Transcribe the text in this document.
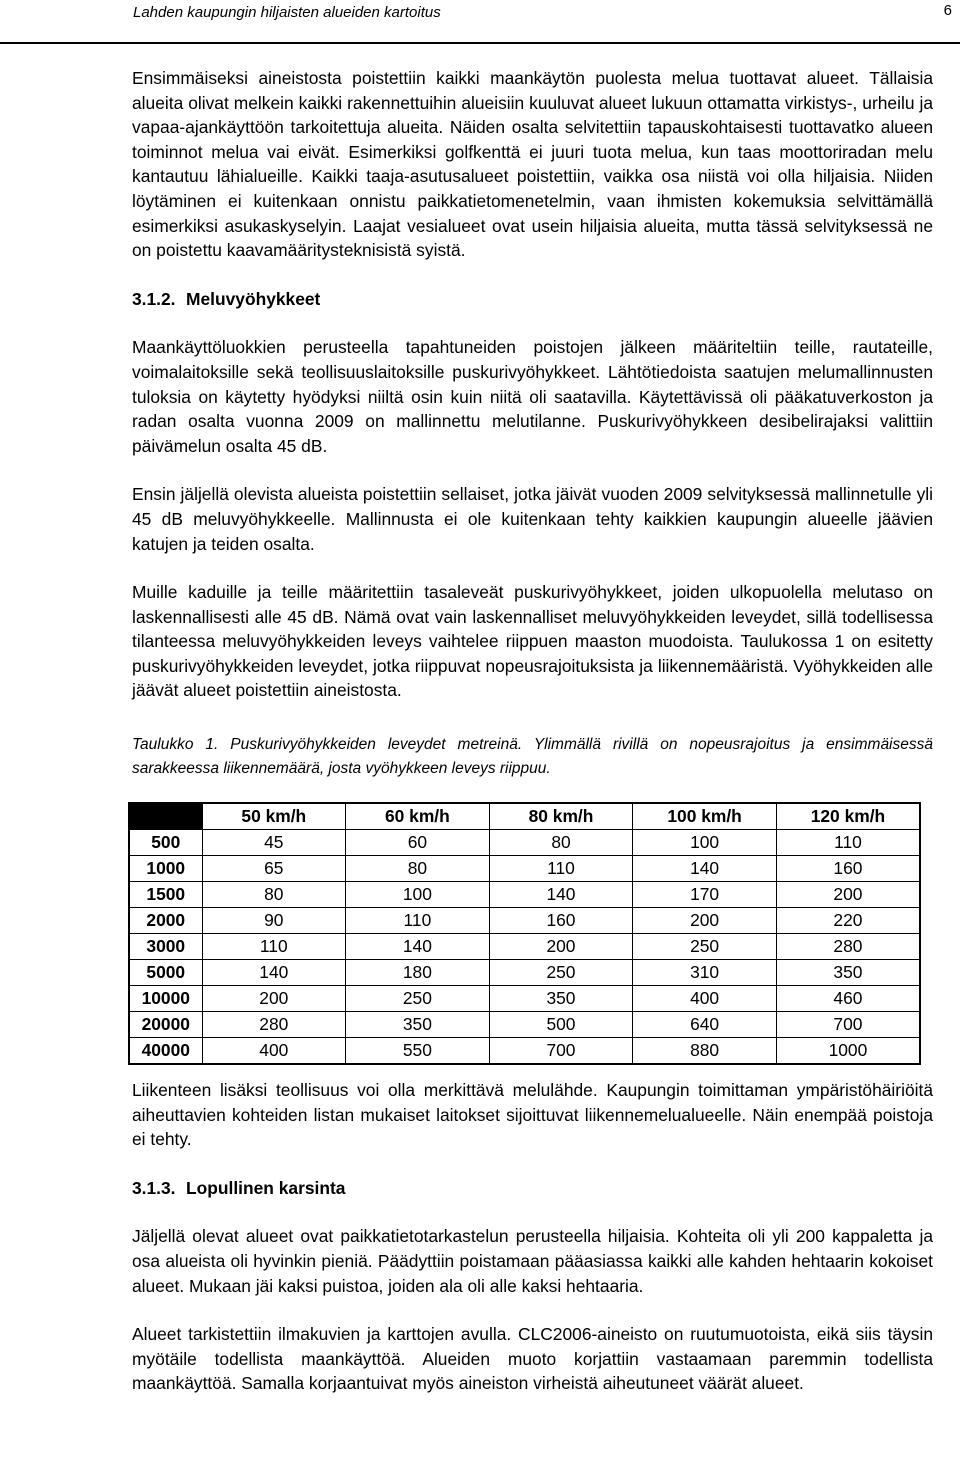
Lahden kaupungin hiljaisten alueiden kartoitus	6

Ensimmäiseksi aineistosta poistettiin kaikki maankäytön puolesta melua tuottavat alueet. Tällaisia alueita olivat melkein kaikki rakennettuihin alueisiin kuuluvat alueet lukuun ottamatta virkistys-, urheilu ja vapaa-ajankäyttöön tarkoitettuja alueita. Näiden osalta selvitettiin tapauskohtaisesti tuottavatko alueen toiminnot melua vai eivät. Esimerkiksi golfkenttä ei juuri tuota melua, kun taas moottoriradan melu kantautuu lähialueille. Kaikki taaja-asutusalueet poistettiin, vaikka osa niistä voi olla hiljaisia. Niiden löytäminen ei kuitenkaan onnistu paikkatietomenetelmin, vaan ihmisten kokemuksia selvittämällä esimerkiksi asukaskyselyin. Laajat vesialueet ovat usein hiljaisia alueita, mutta tässä selvityksessä ne on poistettu kaavamääritysteknisistä syistä.

3.1.2. Meluvyöhykkeet

Maankäyttöluokkien perusteella tapahtuneiden poistojen jälkeen määriteltiin teille, rautateille, voimalaitoksille sekä teollisuuslaitoksille puskurivyöhykkeet. Lähtötiedoista saatujen melumallinnusten tuloksia on käytetty hyödyksi niiltä osin kuin niitä oli saatavilla. Käytettävissä oli pääkatuverkoston ja radan osalta vuonna 2009 on mallinnettu melutilanne. Puskurivyöhykkeen desibelirajaksi valittiin päivämelun osalta 45 dB.

Ensin jäljellä olevista alueista poistettiin sellaiset, jotka jäivät vuoden 2009 selvityksessä mallinnetulle yli 45 dB meluvyöhykkeelle. Mallinnusta ei ole kuitenkaan tehty kaikkien kaupungin alueelle jäävien katujen ja teiden osalta.

Muille kaduille ja teille määritettiin tasaleveät puskurivyöhykkeet, joiden ulkopuolella melutaso on laskennallisesti alle 45 dB. Nämä ovat vain laskennalliset meluvyöhykkeiden leveydet, sillä todellisessa tilanteessa meluvyöhykkeiden leveys vaihtelee riippuen maaston muodoista. Taulukossa 1 on esitetty puskurivyöhykkeiden leveydet, jotka riippuvat nopeusrajoituksista ja liikennemääristä. Vyöhykkeiden alle jäävät alueet poistettiin aineistosta.

Taulukko 1. Puskurivyöhykkeiden leveydet metreinä. Ylimmällä rivillä on nopeusrajoitus ja ensimmäisessä sarakkeessa liikennemäärä, josta vyöhykkeen leveys riippuu.

	50 km/h	60 km/h	80 km/h	100 km/h	120 km/h
500	45	60	80	100	110
1000	65	80	110	140	160
1500	80	100	140	170	200
2000	90	110	160	200	220
3000	110	140	200	250	280
5000	140	180	250	310	350
10000	200	250	350	400	460
20000	280	350	500	640	700
40000	400	550	700	880	1000

Liikenteen lisäksi teollisuus voi olla merkittävä melulähde. Kaupungin toimittaman ympäristöhäiriöitä aiheuttavien kohteiden listan mukaiset laitokset sijoittuvat liikennemelualueelle. Näin enempää poistoja ei tehty.

3.1.3. Lopullinen karsinta

Jäljellä olevat alueet ovat paikkatietotarkastelun perusteella hiljaisia. Kohteita oli yli 200 kappaletta ja osa alueista oli hyvinkin pieniä. Päädyttiin poistamaan pääasiassa kaikki alle kahden hehtaarin kokoiset alueet. Mukaan jäi kaksi puistoa, joiden ala oli alle kaksi hehtaaria.

Alueet tarkistettiin ilmakuvien ja karttojen avulla. CLC2006-aineisto on ruutumuotoista, eikä siis täysin myötäile todellista maankäyttöä. Alueiden muoto korjattiin vastaamaan paremmin todellista maankäyttöä. Samalla korjaantuivat myös aineiston virheistä aiheutuneet väärät alueet.
